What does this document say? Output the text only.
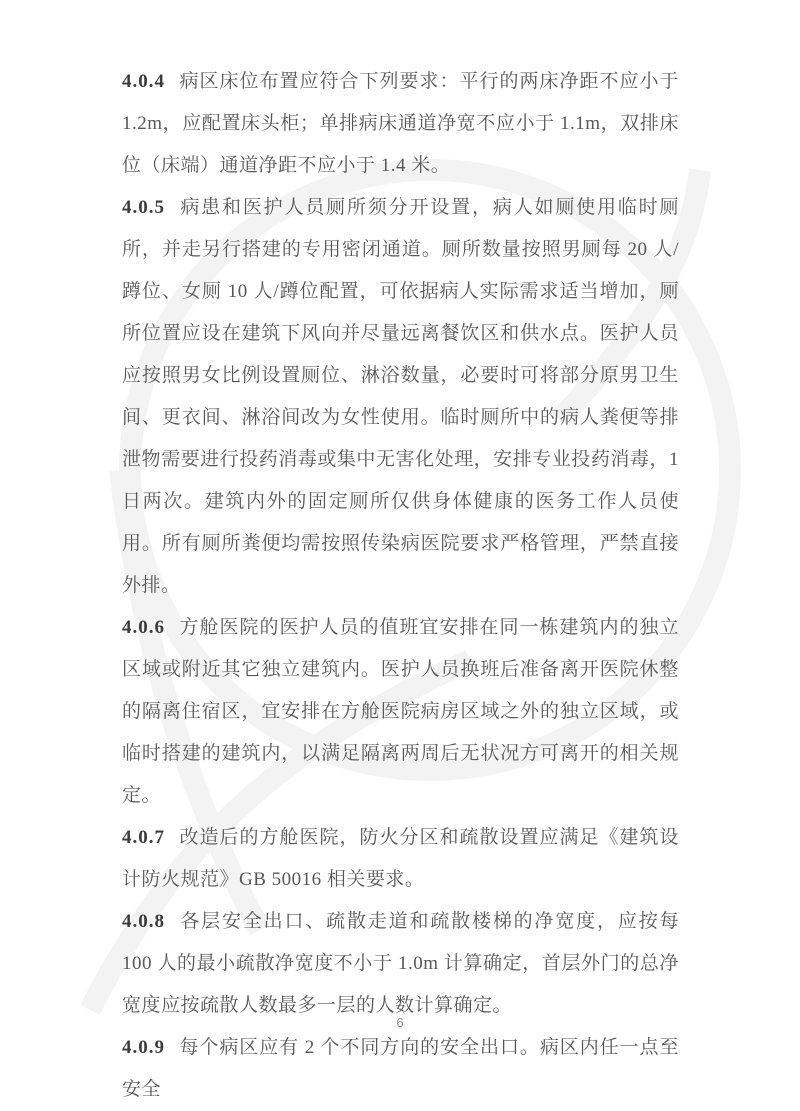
4.0.4 病区床位布置应符合下列要求：平行的两床净距不应小于 1.2m，应配置床头柜；单排病床通道净宽不应小于 1.1m，双排床位（床端）通道净距不应小于 1.4 米。

4.0.5 病患和医护人员厕所须分开设置，病人如厕使用临时厕所，并走另行搭建的专用密闭通道。厕所数量按照男厕每 20 人/蹲位、女厕 10 人/蹲位配置，可依据病人实际需求适当增加，厕所位置应设在建筑下风向并尽量远离餐饮区和供水点。医护人员应按照男女比例设置厕位、淋浴数量，必要时可将部分原男卫生间、更衣间、淋浴间改为女性使用。临时厕所中的病人粪便等排泄物需要进行投药消毒或集中无害化处理，安排专业投药消毒，1 日两次。建筑内外的固定厕所仅供身体健康的医务工作人员使用。所有厕所粪便均需按照传染病医院要求严格管理，严禁直接外排。

4.0.6 方舱医院的医护人员的值班宜安排在同一栋建筑内的独立区域或附近其它独立建筑内。医护人员换班后准备离开医院休整的隔离住宿区，宜安排在方舱医院病房区域之外的独立区域，或临时搭建的建筑内，以满足隔离两周后无状况方可离开的相关规定。

4.0.7 改造后的方舱医院，防火分区和疏散设置应满足《建筑设计防火规范》GB 50016 相关要求。

4.0.8 各层安全出口、疏散走道和疏散楼梯的净宽度，应按每 100 人的最小疏散净宽度不小于 1.0m 计算确定，首层外门的总净宽度应按疏散人数最多一层的人数计算确定。

4.0.9 每个病区应有 2 个不同方向的安全出口。病区内任一点至安全

6
